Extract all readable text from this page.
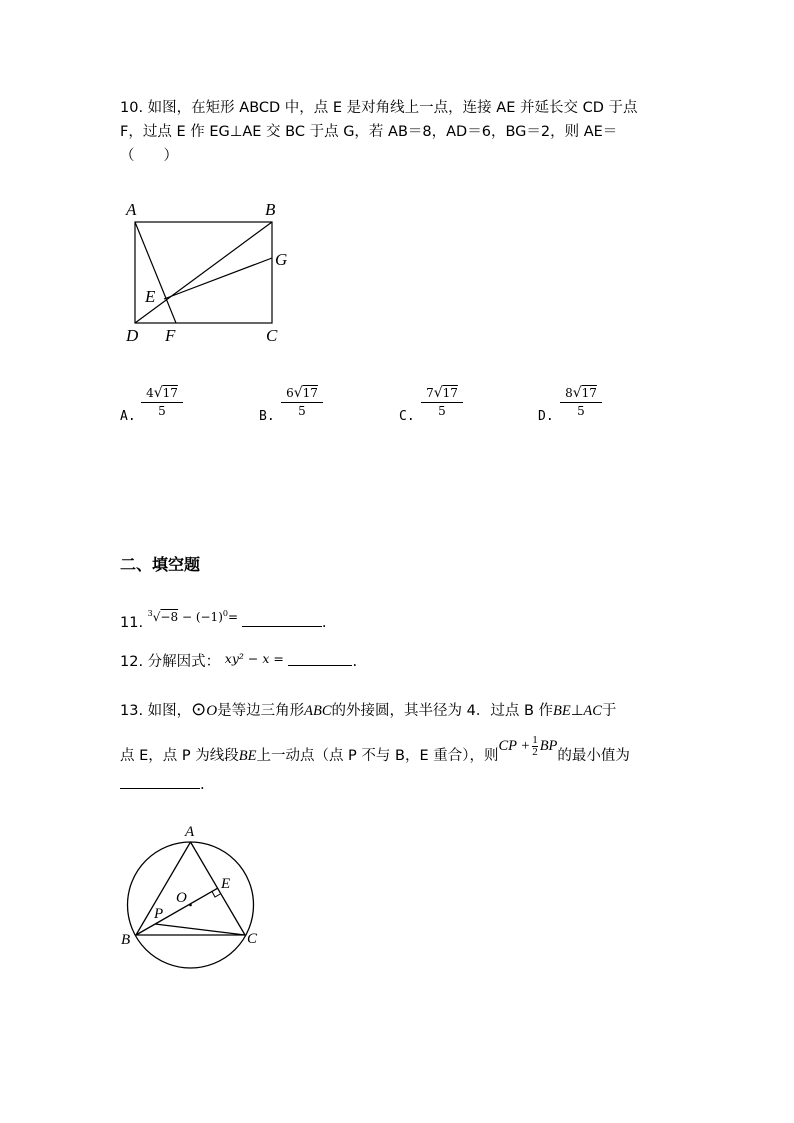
10. 如图，在矩形 ABCD 中，点 E 是对角线上一点，连接 AE 并延长交 CD 于点
F，过点 E 作 EG⊥AE 交 BC 于点 G，若 AB＝8，AD＝6，BG＝2，则 AE＝
（　　）
A	B
G
E
D F	C
A. $\frac{4√17}{5}$	B. $\frac{6√17}{5}$	C. $\frac{7√17}{5}$	D. $\frac{8√17}{5}$
二、填空题
11. $^{^3√-8 - (-1)^0=}$	.
12. 分解因式： xy² − x =	.
13. 如图，⊙O是等边三角形ABC的外接圆，其半径为 4．过点 B 作BE⊥AC于
点 E，点 P 为线段BE上一动点（点 P 不与 B，E 重合），则CP + $\frac{1}{2}$ BP的最小值为
.
A
E
O
P
B	C
